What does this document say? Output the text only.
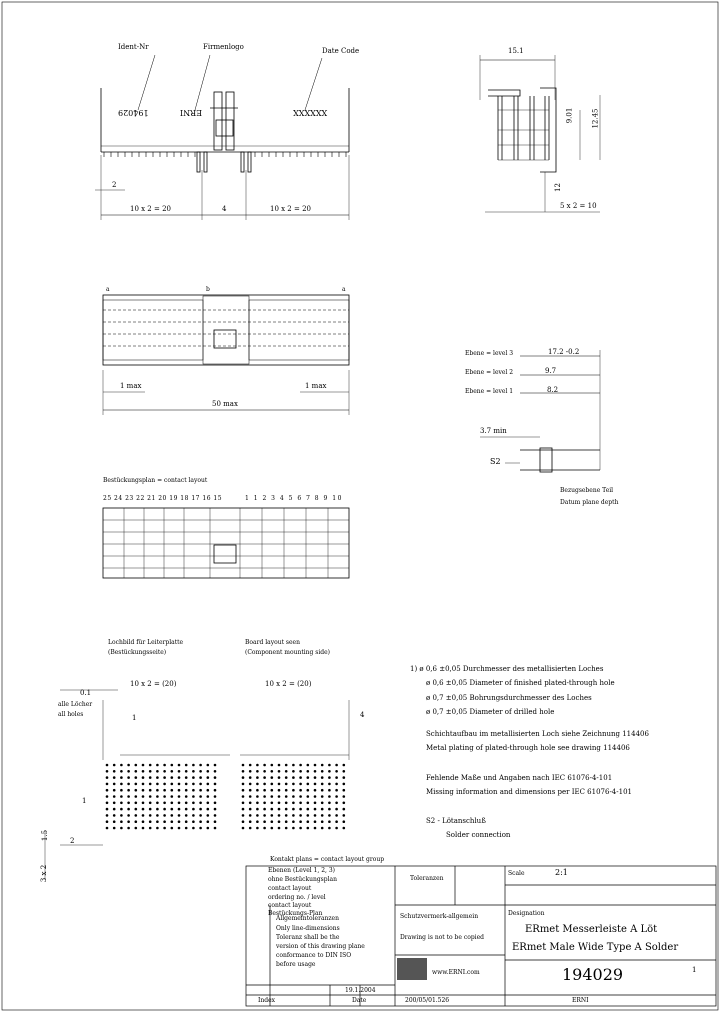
Ident-Nr	Firmenlogo	Date Code
194029	ERNI	XXXXXX
10 x 2 = 20	4	10 x 2 = 20
2
15.1
12.45
9.01
12
5 x 2 = 10
a	b	a
1 max	1 max
50 max
Ebene = level 3	17.2 -0.2
Ebene = level 2	9.7
Ebene = level 1	8.2
3.7 min
S2
Bezugsebene Teil
Datum plane depth
Bestückungsplan = contact layout
25 24 23 22 21 20 19 18 17 16 15	1 1 2 3 4 5 6 7 8 9 10
Lochbild für Leiterplatte
(Bestückungsseite)
Board layout seen
(Component mounting side)
10 x 2 = (20)	10 x 2 = (20)
0.1
alle Löcher
all holes	1	4
1
2
1.5
3 x 2
1) ø 0,6 ±0,05 Durchmesser des metallisierten Loches
ø 0,6 ±0,05 Diameter of finished plated-through hole
ø 0,7 ±0,05 Bohrungsdurchmesser des Loches
ø 0,7 ±0,05 Diameter of drilled hole
Schichtaufbau im metallisierten Loch siehe Zeichnung 114406
Metal plating of plated-through hole see drawing 114406
Fehlende Maße und Angaben nach IEC 61076-4-101
Missing information and dimensions per IEC 61076-4-101
S2 - Lötanschluß
Solder connection
Kontakt plans = contact layout group
Ebenen (Level 1, 2, 3)
ohne Bestückungsplan
contact layout
ordering no. / level
contact layout
Bestückungs-Plan
Allgemeintoleranzen
Only line-dimensions
Toleranz shall be the
version of this drawing plane
conformance to DIN ISO
before usage
19.1.2004
Index	Date
Toleranzen
Schutzvermerk-allgemein
Drawing is not to be copied
www.ERNI.com
Scale	2:1
Designation
ERmet Messerleiste A Löt
ERmet Male Wide Type A Solder
194029	1
200/05/01.526	ERNI
